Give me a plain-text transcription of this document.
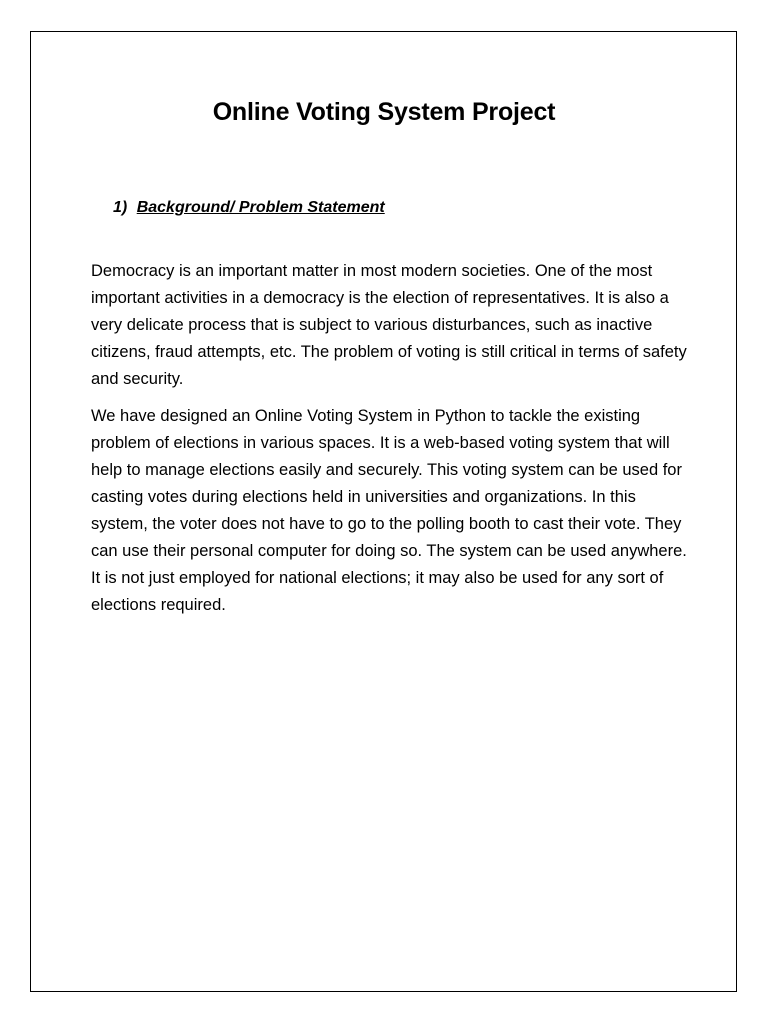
Online Voting System Project
1) Background/ Problem Statement

Democracy is an important matter in most modern societies. One of the most important activities in a democracy is the election of representatives. It is also a very delicate process that is subject to various disturbances, such as inactive citizens, fraud attempts, etc. The problem of voting is still critical in terms of safety and security.

We have designed an Online Voting System in Python to tackle the existing problem of elections in various spaces. It is a web-based voting system that will help to manage elections easily and securely. This voting system can be used for casting votes during elections held in universities and organizations. In this system, the voter does not have to go to the polling booth to cast their vote. They can use their personal computer for doing so. The system can be used anywhere. It is not just employed for national elections; it may also be used for any sort of elections required.
